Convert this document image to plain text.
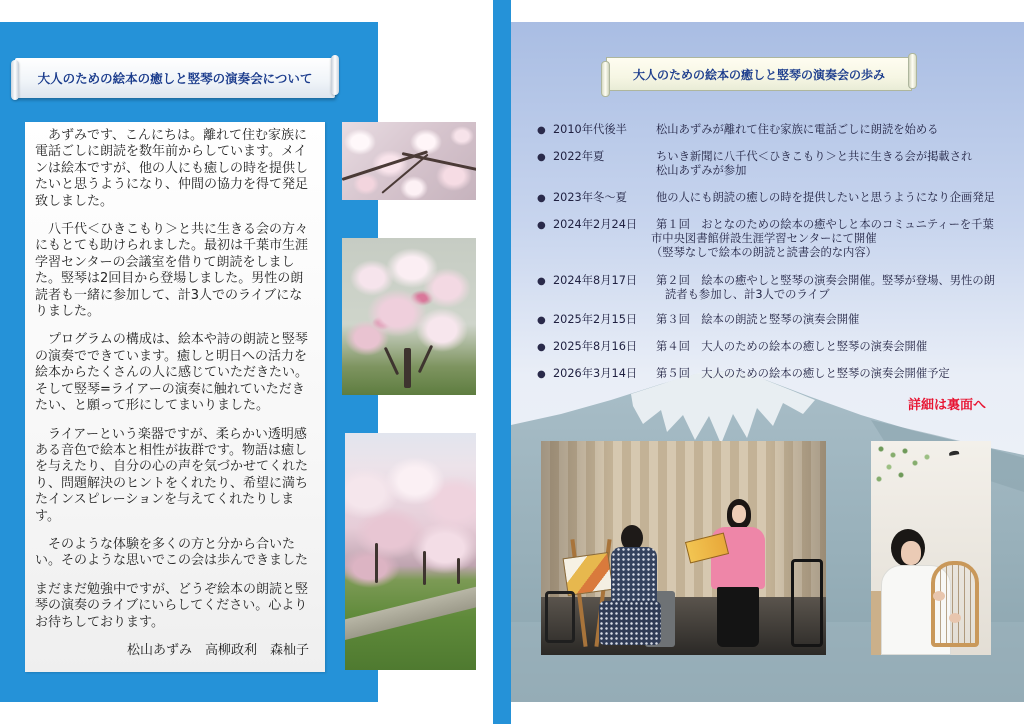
大人のための絵本の癒しと竪琴の演奏会について

あずみです、こんにちは。離れて住む家族に電話ごしに朗読を数年前からしています。メインは絵本ですが、他の人にも癒しの時を提供したいと思うようになり、仲間の協力を得て発足致しました。

八千代＜ひきこもり＞と共に生きる会の方々にもとても助けられました。最初は千葉市生涯学習センターの会議室を借りて朗読をしました。竪琴は2回目から登場しました。男性の朗読者も一緒に参加して、計3人でのライブになりました。

プログラムの構成は、絵本や詩の朗読と竪琴の演奏でできています。癒しと明日への活力を絵本からたくさんの人に感じていただきたい。そして竪琴=ライアーの演奏に触れていただきたい、と願って形にしてまいりました。

ライアーという楽器ですが、柔らかい透明感ある音色で絵本と相性が抜群です。物語は癒しを与えたり、自分の心の声を気づかせてくれたり、問題解決のヒントをくれたり、希望に満ちたインスピレーションを与えてくれたりします。

そのような体験を多くの方と分から合いたい。そのような思いでこの会は歩んできました

まだまだ勉強中ですが、どうぞ絵本の朗読と竪琴の演奏のライブにいらしてください。心よりお待ちしております。

松山あずみ　高柳政利　森杣子

大人のための絵本の癒しと竪琴の演奏会の歩み
●
2010年代後半	松山あずみが離れて住む家族に電話ごしに朗読を始める
●
2022年夏	ちいき新聞に八千代＜ひきこもり＞と共に生きる会が掲載され
松山あずみが参加
●
2023年冬～夏	他の人にも朗読の癒しの時を提供したいと思うようになり企画発足
●
2024年2月24日 第１回　おとなのための絵本の癒やしと本のコミュニティーを千葉
市中央図書館併設生涯学習センターにて開催
（竪琴なしで絵本の朗読と読書会的な内容）
●
2024年8月17日 第２回　絵本の癒やしと竪琴の演奏会開催。竪琴が登場、男性の朗
読者も参加し、計3人でのライブ
●
2025年2月15日 第３回　絵本の朗読と竪琴の演奏会開催
●
2025年8月16日 第４回　大人のための絵本の癒しと竪琴の演奏会開催
●
2026年3月14日 第５回　大人のための絵本の癒しと竪琴の演奏会開催予定
詳細は裏面へ
